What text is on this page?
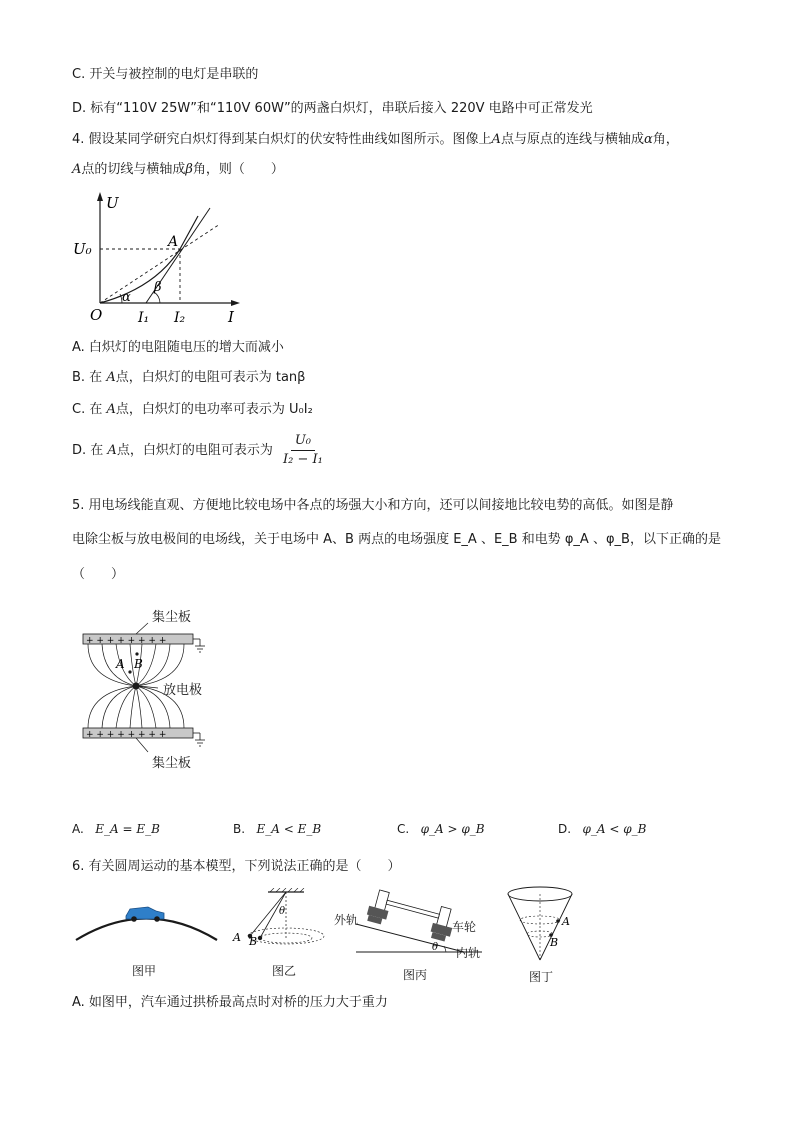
C. 开关与被控制的电灯是串联的
D. 标有“110V 25W”和“110V 60W”的两盏白炽灯，串联后接入 220V 电路中可正常发光
4. 假设某同学研究白炽灯得到某白炽灯的伏安特性曲线如图所示。图像上A点与原点的连线与横轴成α角，
A点的切线与横轴成β角，则（　　）
U
I
O
U₀	A
α
β
I₁ I₂
A. 白炽灯的电阻随电压的增大而减小
B. 在 A点，白炽灯的电阻可表示为 tanβ
C. 在 A点，白炽灯的电功率可表示为 U₀I₂
D. 在 A点，白炽灯的电阻可表示为 $\frac{\text{U₀}}{\text{I₂ − I₁}}$
5. 用电场线能直观、方便地比较电场中各点的场强大小和方向，还可以间接地比较电势的高低。如图是静
电除尘板与放电极间的电场线，关于电场中 A、B 两点的电场强度 E_A 、E_B 和电势 φ_A 、φ_B，以下正确的是
（　　）
+ + + + + + + +
+ + + + + + + +
A B
集尘板
放电极
集尘板
A. E_A = E_B	B. E_A < E_B	C. φ_A > φ_B	D. φ_A < φ_B
6. 有关圆周运动的基本模型，下列说法正确的是（　　）
A B
θ
θ
外轨	车轮
内轨
A
B
图甲	图乙	图丙	图丁
A. 如图甲，汽车通过拱桥最高点时对桥的压力大于重力
